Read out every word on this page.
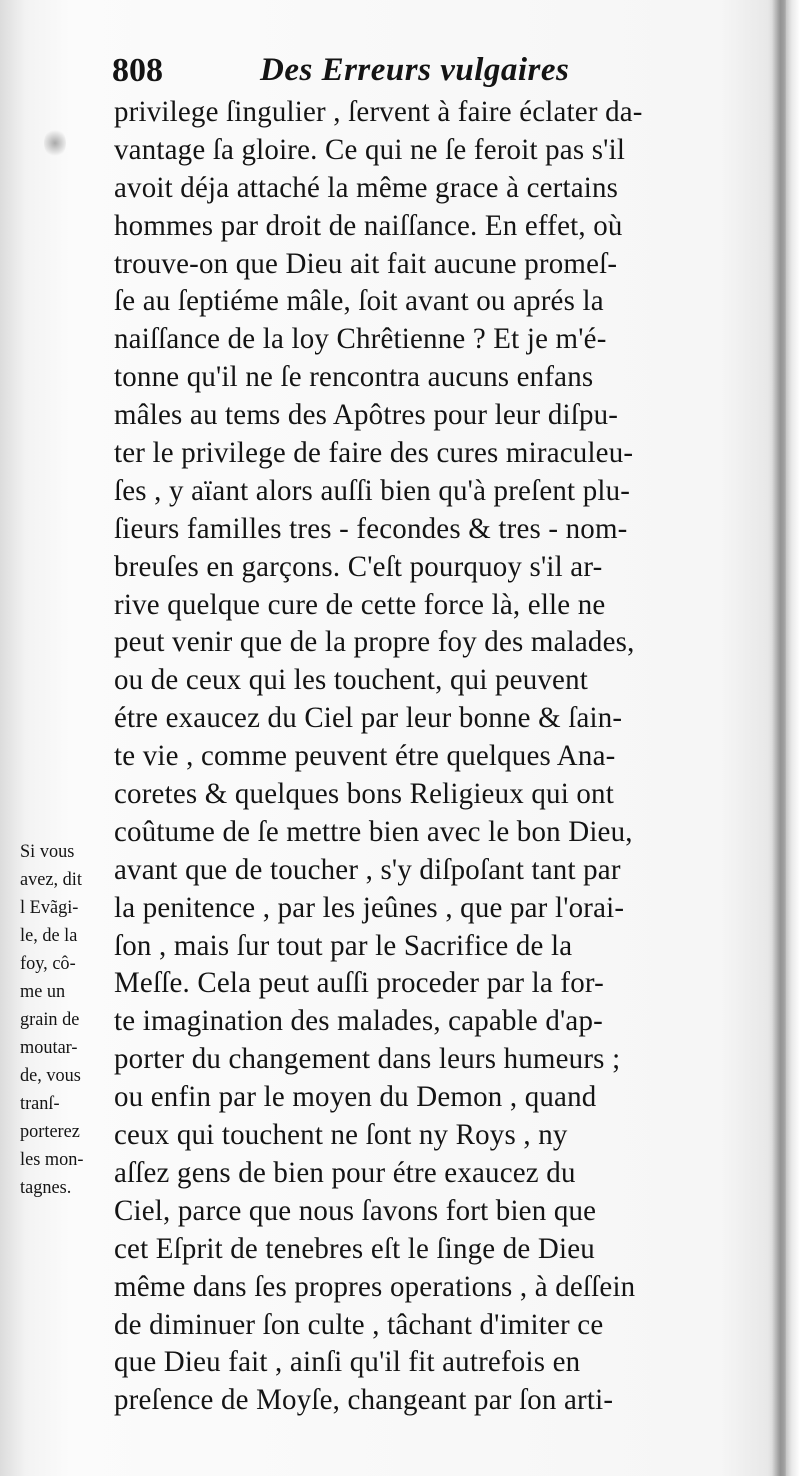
808	Des Erreurs vulgaires
privilege ſingulier , ſervent à faire éclater da-
vantage ſa gloire. Ce qui ne ſe feroit pas s'il
avoit déja attaché la même grace à certains
hommes par droit de naiſſance. En effet, où
trouve-on que Dieu ait fait aucune promeſ-
ſe au ſeptiéme mâle, ſoit avant ou aprés la
naiſſance de la loy Chrêtienne ? Et je m'é-
tonne qu'il ne ſe rencontra aucuns enfans
mâles au tems des Apôtres pour leur diſpu-
ter le privilege de faire des cures miraculeu-
ſes , y aïant alors auſſi bien qu'à preſent plu-
ſieurs familles tres - fecondes & tres - nom-
breuſes en garçons. C'eſt pourquoy s'il ar-
rive quelque cure de cette force là, elle ne
peut venir que de la propre foy des malades,
ou de ceux qui les touchent, qui peuvent
étre exaucez du Ciel par leur bonne & ſain-
te vie , comme peuvent étre quelques Ana-
coretes & quelques bons Religieux qui ont
coûtume de ſe mettre bien avec le bon Dieu,
avant que de toucher , s'y diſpoſant tant par
la penitence , par les jeûnes , que par l'orai-
ſon , mais ſur tout par le Sacrifice de la
Meſſe. Cela peut auſſi proceder par la for-
te imagination des malades, capable d'ap-
porter du changement dans leurs humeurs ;
ou enfin par le moyen du Demon , quand
ceux qui touchent ne ſont ny Roys , ny
aſſez gens de bien pour étre exaucez du
Ciel, parce que nous ſavons fort bien que
cet Eſprit de tenebres eſt le ſinge de Dieu
même dans ſes propres operations , à deſſein
de diminuer ſon culte , tâchant d'imiter ce
que Dieu fait , ainſi qu'il fit autrefois en
preſence de Moyſe, changeant par ſon arti-
Si vous
avez, dit
l Evãgi-
le, de la
foy, cô-
me un
grain de
moutar-
de, vous
tranſ-
porterez
les mon-
tagnes.
